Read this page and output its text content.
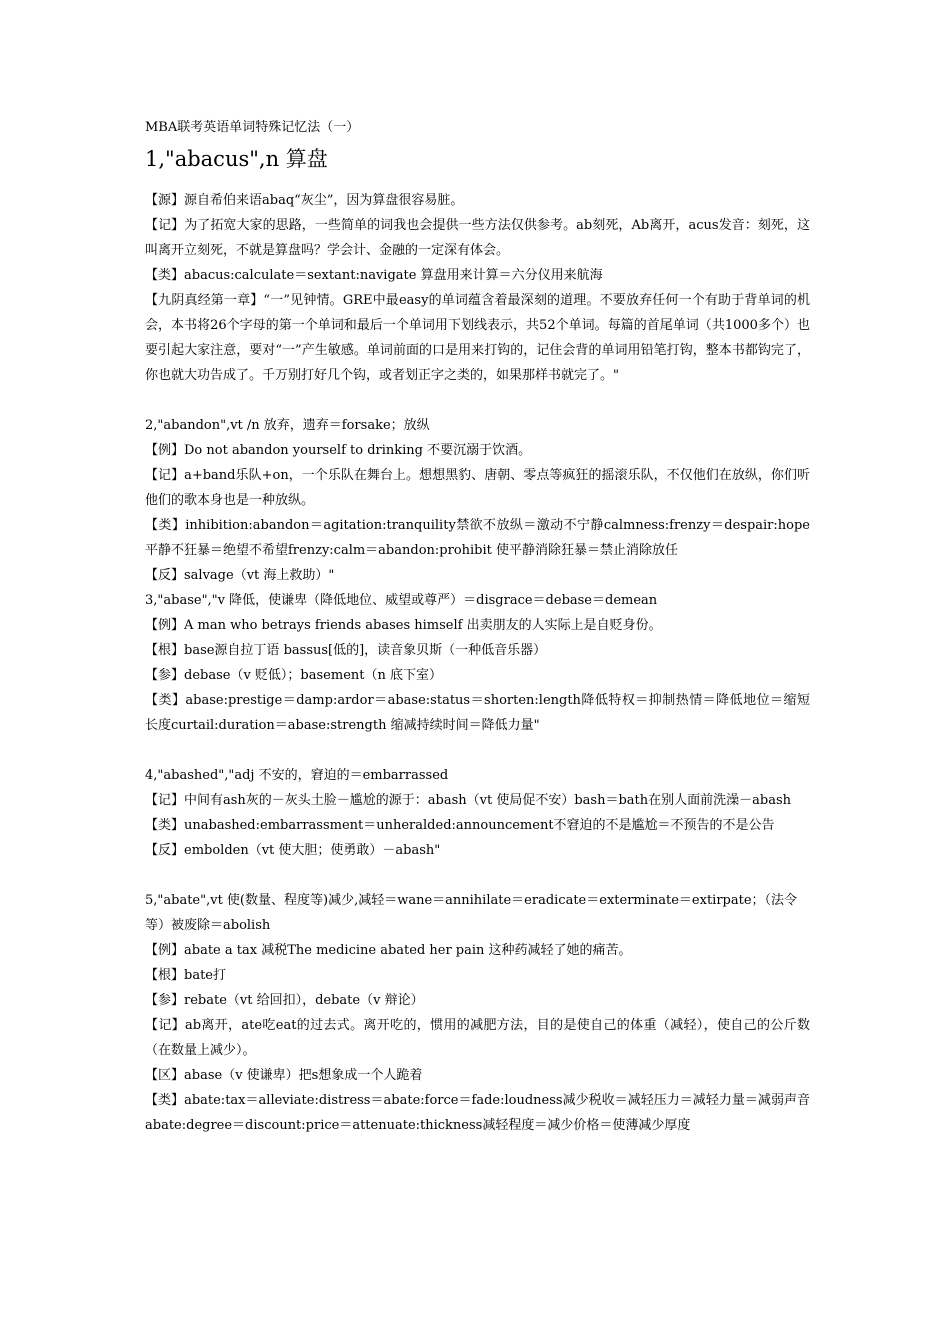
MBA联考英语单词特殊记忆法（一）

1,"abacus",n 算盘

【源】源自希伯来语abaq“灰尘”，因为算盘很容易脏。

【记】为了拓宽大家的思路，一些简单的词我也会提供一些方法仅供参考。ab刻死，Ab离开，acus发音：刻死，这叫离开立刻死，不就是算盘吗？学会计、金融的一定深有体会。

【类】abacus:calculate＝sextant:navigate 算盘用来计算＝六分仪用来航海

【九阴真经第一章】“一”见钟情。GRE中最easy的单词蕴含着最深刻的道理。不要放弃任何一个有助于背单词的机会，本书将26个字母的第一个单词和最后一个单词用下划线表示，共52个单词。每篇的首尾单词（共1000多个）也要引起大家注意，要对“一”产生敏感。单词前面的口是用来打钩的，记住会背的单词用铅笔打钩，整本书都钩完了，你也就大功告成了。千万别打好几个钩，或者划正字之类的，如果那样书就完了。"

2,"abandon",vt /n 放弃，遗弃＝forsake；放纵

【例】Do not abandon yourself to drinking 不要沉溺于饮酒。

【记】a+band乐队+on，一个乐队在舞台上。想想黑豹、唐朝、零点等疯狂的摇滚乐队，不仅他们在放纵，你们听他们的歌本身也是一种放纵。

【类】inhibition:abandon＝agitation:tranquility禁欲不放纵＝激动不宁静calmness:frenzy＝despair:hope 平静不狂暴＝绝望不希望frenzy:calm＝abandon:prohibit 使平静消除狂暴＝禁止消除放任

【反】salvage（vt 海上救助）"

3,"abase","v 降低，使谦卑（降低地位、威望或尊严）＝disgrace＝debase＝demean

【例】A man who betrays friends abases himself 出卖朋友的人实际上是自贬身份。

【根】base源自拉丁语 bassus[低的]，读音象贝斯（一种低音乐器）

【参】debase（v 贬低）；basement（n 底下室）

【类】abase:prestige＝damp:ardor＝abase:status＝shorten:length降低特权＝抑制热情＝降低地位＝缩短长度curtail:duration＝abase:strength 缩减持续时间＝降低力量"

4,"abashed","adj 不安的，窘迫的＝embarrassed

【记】中间有ash灰的－灰头土脸－尴尬的源于：abash（vt 使局促不安）bash＝bath在别人面前洗澡－abash

【类】unabashed:embarrassment＝unheralded:announcement不窘迫的不是尴尬＝不预告的不是公告

【反】embolden（vt 使大胆；使勇敢）－abash"

5,"abate",vt 使(数量、程度等)减少,减轻＝wane＝annihilate＝eradicate＝exterminate＝extirpate；（法令等）被废除＝abolish

【例】abate a tax 减税The medicine abated her pain 这种药减轻了她的痛苦。

【根】bate打

【参】rebate（vt 给回扣），debate（v 辩论）

【记】ab离开，ate吃eat的过去式。离开吃的，惯用的减肥方法，目的是使自己的体重（减轻），使自己的公斤数（在数量上减少）。

【区】abase（v 使谦卑）把s想象成一个人跪着

【类】abate:tax＝alleviate:distress＝abate:force＝fade:loudness减少税收＝减轻压力＝减轻力量＝减弱声音abate:degree＝discount:price＝attenuate:thickness减轻程度＝减少价格＝使薄减少厚度
